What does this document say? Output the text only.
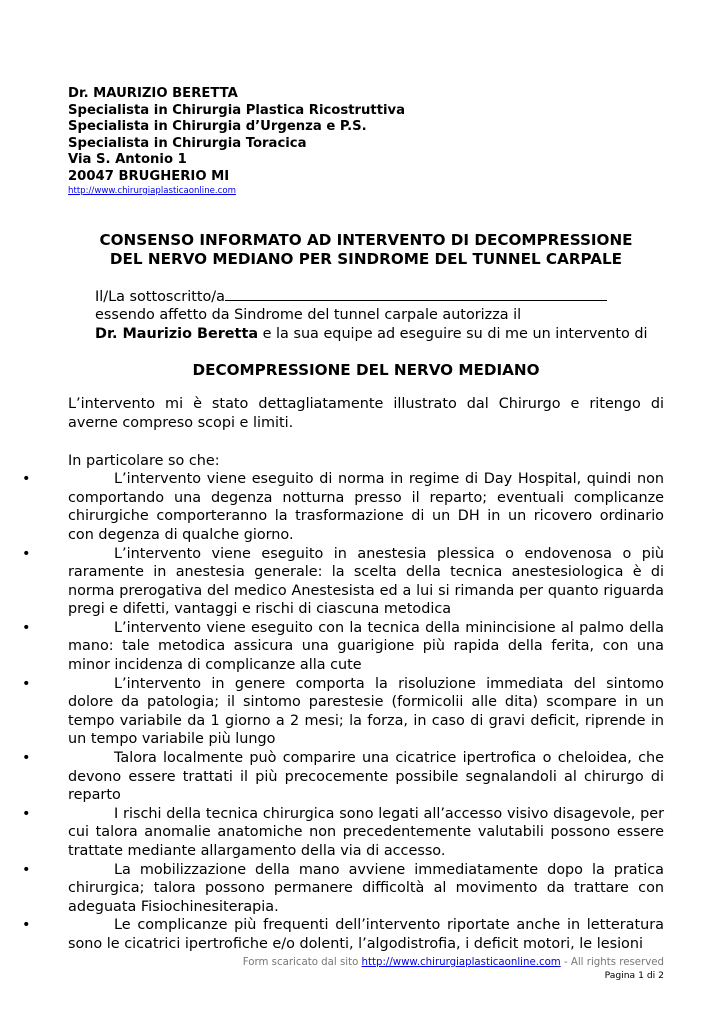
Dr. MAURIZIO BERETTA
Specialista in Chirurgia Plastica Ricostruttiva
Specialista in Chirurgia d’Urgenza e P.S.
Specialista in Chirurgia Toracica
Via S. Antonio 1
20047 BRUGHERIO MI
http://www.chirurgiaplasticaonline.com
CONSENSO INFORMATO AD INTERVENTO DI DECOMPRESSIONE
DEL NERVO MEDIANO PER SINDROME DEL TUNNEL CARPALE
Il/La sottoscritto/a
essendo affetto da Sindrome del tunnel carpale autorizza il
Dr. Maurizio Beretta e la sua equipe ad eseguire su di me un intervento di
DECOMPRESSIONE DEL NERVO MEDIANO
L’intervento mi è stato dettagliatamente illustrato dal Chirurgo e ritengo di averne compreso scopi e limiti.
In particolare so che:
•	L’intervento viene eseguito di norma in regime di Day Hospital, quindi non comportando una degenza notturna presso il reparto; eventuali complicanze chirurgiche comporteranno la trasformazione di un DH in un ricovero ordinario con degenza di qualche giorno.
•	L’intervento viene eseguito in anestesia plessica o endovenosa o più raramente in anestesia generale: la scelta della tecnica anestesiologica è di norma prerogativa del medico Anestesista ed a lui si rimanda per quanto riguarda pregi e difetti, vantaggi e rischi di ciascuna metodica
•	L’intervento viene eseguito con la tecnica della minincisione al palmo della mano: tale metodica assicura una guarigione più rapida della ferita, con una minor incidenza di complicanze alla cute
•	L’intervento in genere comporta la risoluzione immediata del sintomo dolore da patologia; il sintomo parestesie (formicolii alle dita) scompare in un tempo variabile da 1 giorno a 2 mesi; la forza, in caso di gravi deficit, riprende in un tempo variabile più lungo
•	Talora localmente può comparire una cicatrice ipertrofica o cheloidea, che devono essere trattati il più precocemente possibile segnalandoli al chirurgo di reparto
•	I rischi della tecnica chirurgica sono legati all’accesso visivo disagevole, per cui talora anomalie anatomiche non precedentemente valutabili possono essere trattate mediante allargamento della via di accesso.
•	La mobilizzazione della mano avviene immediatamente dopo la pratica chirurgica; talora possono permanere difficoltà al movimento da trattare con adeguata Fisiochinesiterapia.
•	Le complicanze più frequenti dell’intervento riportate anche in letteratura sono le cicatrici ipertrofiche e/o dolenti, l’algodistrofia, i deficit motori, le lesioni
Form scaricato dal sito http://www.chirurgiaplasticaonline.com - All rights reserved
Pagina 1 di 2
